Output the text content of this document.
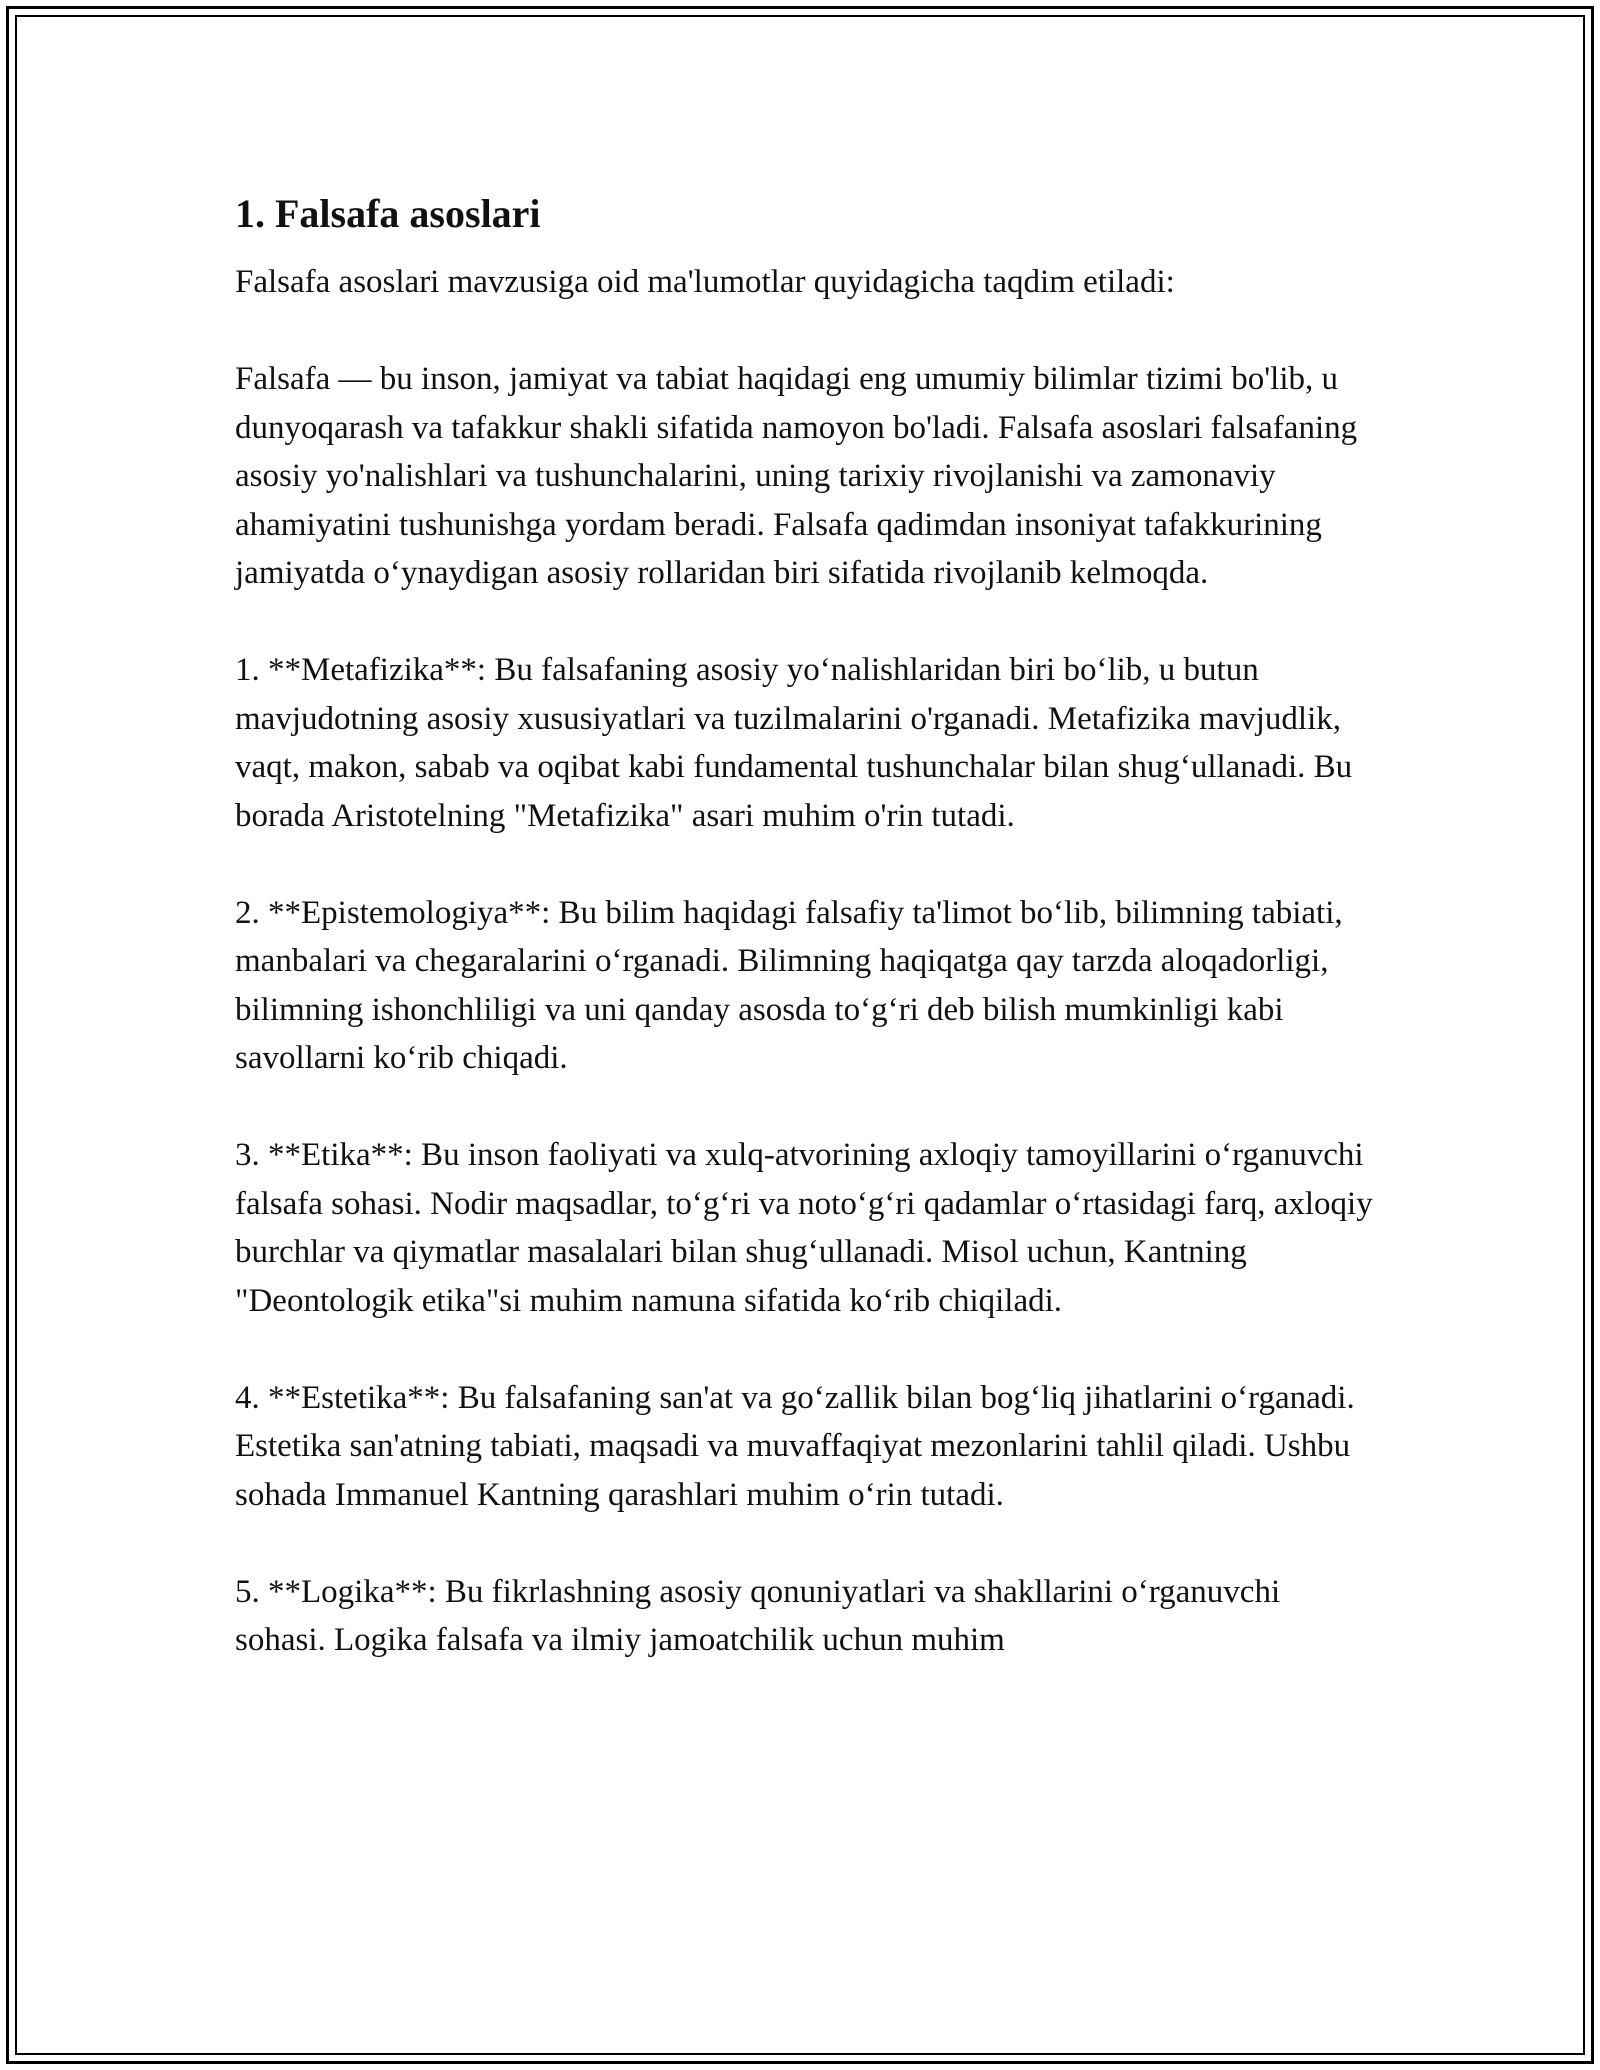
1. Falsafa asoslari

Falsafa asoslari mavzusiga oid ma'lumotlar quyidagicha taqdim etiladi:

Falsafa — bu inson, jamiyat va tabiat haqidagi eng umumiy bilimlar tizimi bo'lib, u dunyoqarash va tafakkur shakli sifatida namoyon bo'ladi. Falsafa asoslari falsafaning asosiy yo'nalishlari va tushunchalarini, uning tarixiy rivojlanishi va zamonaviy ahamiyatini tushunishga yordam beradi. Falsafa qadimdan insoniyat tafakkurining jamiyatda oʻynaydigan asosiy rollaridan biri sifatida rivojlanib kelmoqda.

1. **Metafizika**: Bu falsafaning asosiy yoʻnalishlaridan biri boʻlib, u butun mavjudotning asosiy xususiyatlari va tuzilmalarini o'rganadi. Metafizika mavjudlik, vaqt, makon, sabab va oqibat kabi fundamental tushunchalar bilan shugʻullanadi. Bu borada Aristotelning "Metafizika" asari muhim o'rin tutadi.

2. **Epistemologiya**: Bu bilim haqidagi falsafiy ta'limot boʻlib, bilimning tabiati, manbalari va chegaralarini oʻrganadi. Bilimning haqiqatga qay tarzda aloqadorligi, bilimning ishonchliligi va uni qanday asosda toʻgʻri deb bilish mumkinligi kabi savollarni koʻrib chiqadi.

3. **Etika**: Bu inson faoliyati va xulq-atvorining axloqiy tamoyillarini oʻrganuvchi falsafa sohasi. Nodir maqsadlar, toʻgʻri va notoʻgʻri qadamlar oʻrtasidagi farq, axloqiy burchlar va qiymatlar masalalari bilan shugʻullanadi. Misol uchun, Kantning "Deontologik etika"si muhim namuna sifatida koʻrib chiqiladi.

4. **Estetika**: Bu falsafaning san'at va goʻzallik bilan bogʻliq jihatlarini oʻrganadi. Estetika san'atning tabiati, maqsadi va muvaffaqiyat mezonlarini tahlil qiladi. Ushbu sohada Immanuel Kantning qarashlari muhim oʻrin tutadi.

5. **Logika**: Bu fikrlashning asosiy qonuniyatlari va shakllarini oʻrganuvchi sohasi. Logika falsafa va ilmiy jamoatchilik uchun muhim
